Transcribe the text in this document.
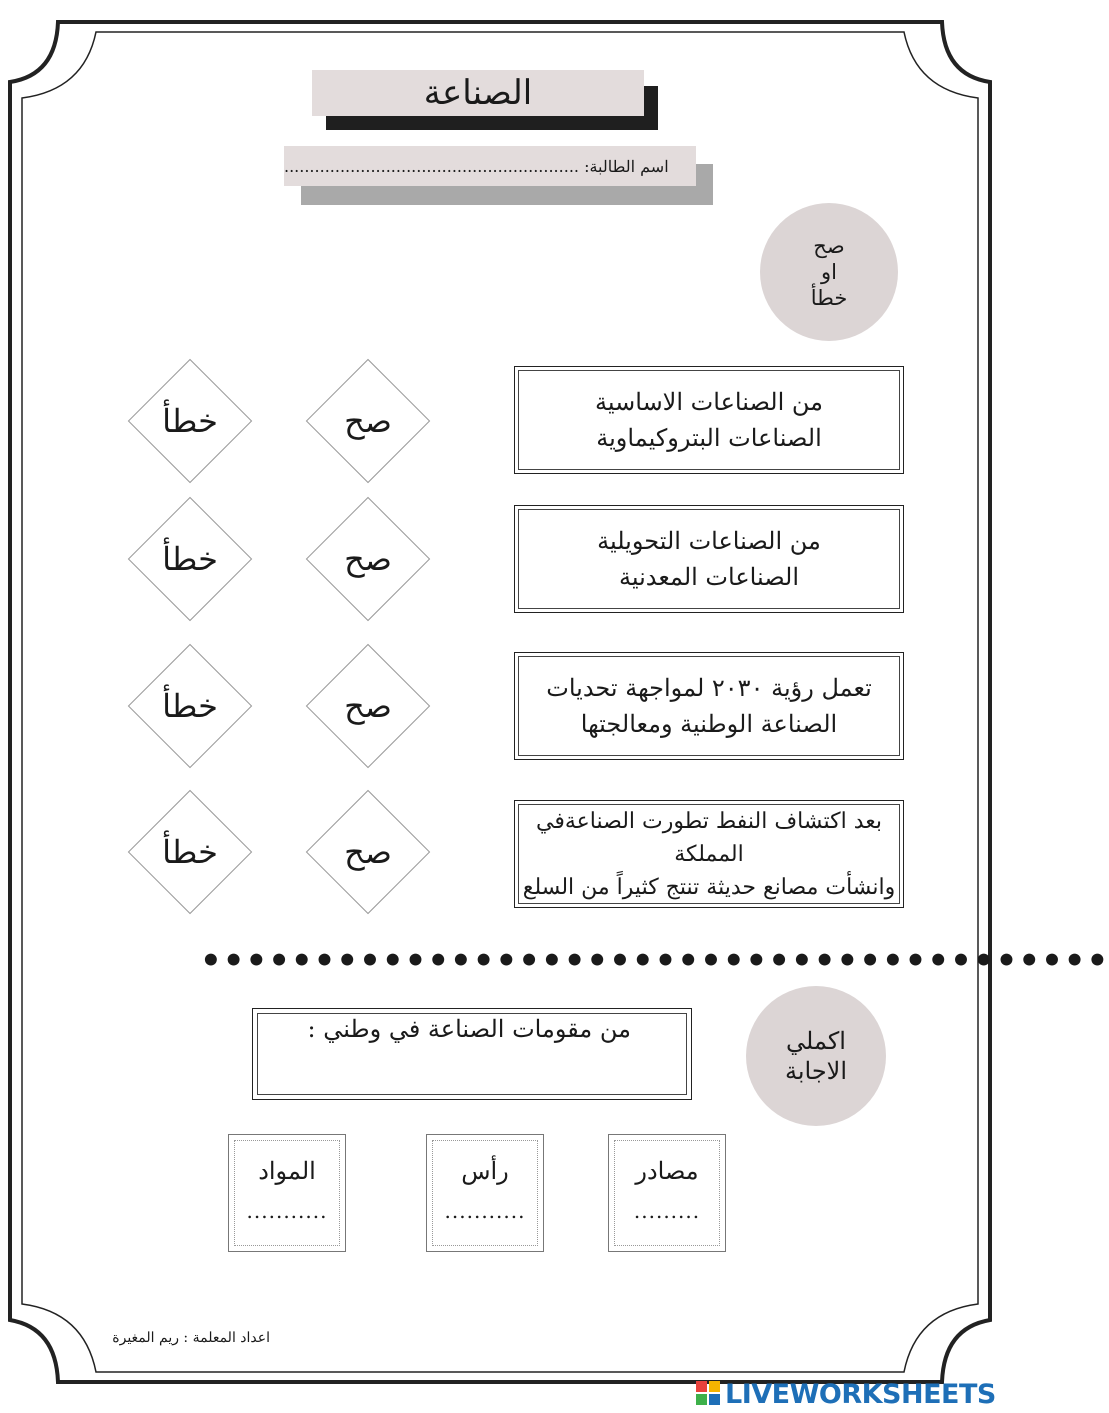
الصناعة
اسم الطالبة: ..........................................................
صح
او
خطأ
من الصناعات الاساسية
الصناعات البتروكيماوية
من الصناعات التحويلية
الصناعات المعدنية
تعمل رؤية ٢٠٣٠ لمواجهة تحديات
الصناعة الوطنية ومعالجتها
بعد اكتشاف النفط تطورت الصناعةفي المملكة
وانشأت مصانع حديثة تنتج كثيراً من السلع
صح
خطأ
صح
خطأ
صح
خطأ
صح
خطأ
••••••••••••••••••••••••••••••••••••••••
اكملي
الاجابة
من مقومات الصناعة في وطني :
مصادر
.........
رأس
...........
المواد
...........
اعداد المعلمة : ريم المغيرة
LIVEWORKSHEETS
